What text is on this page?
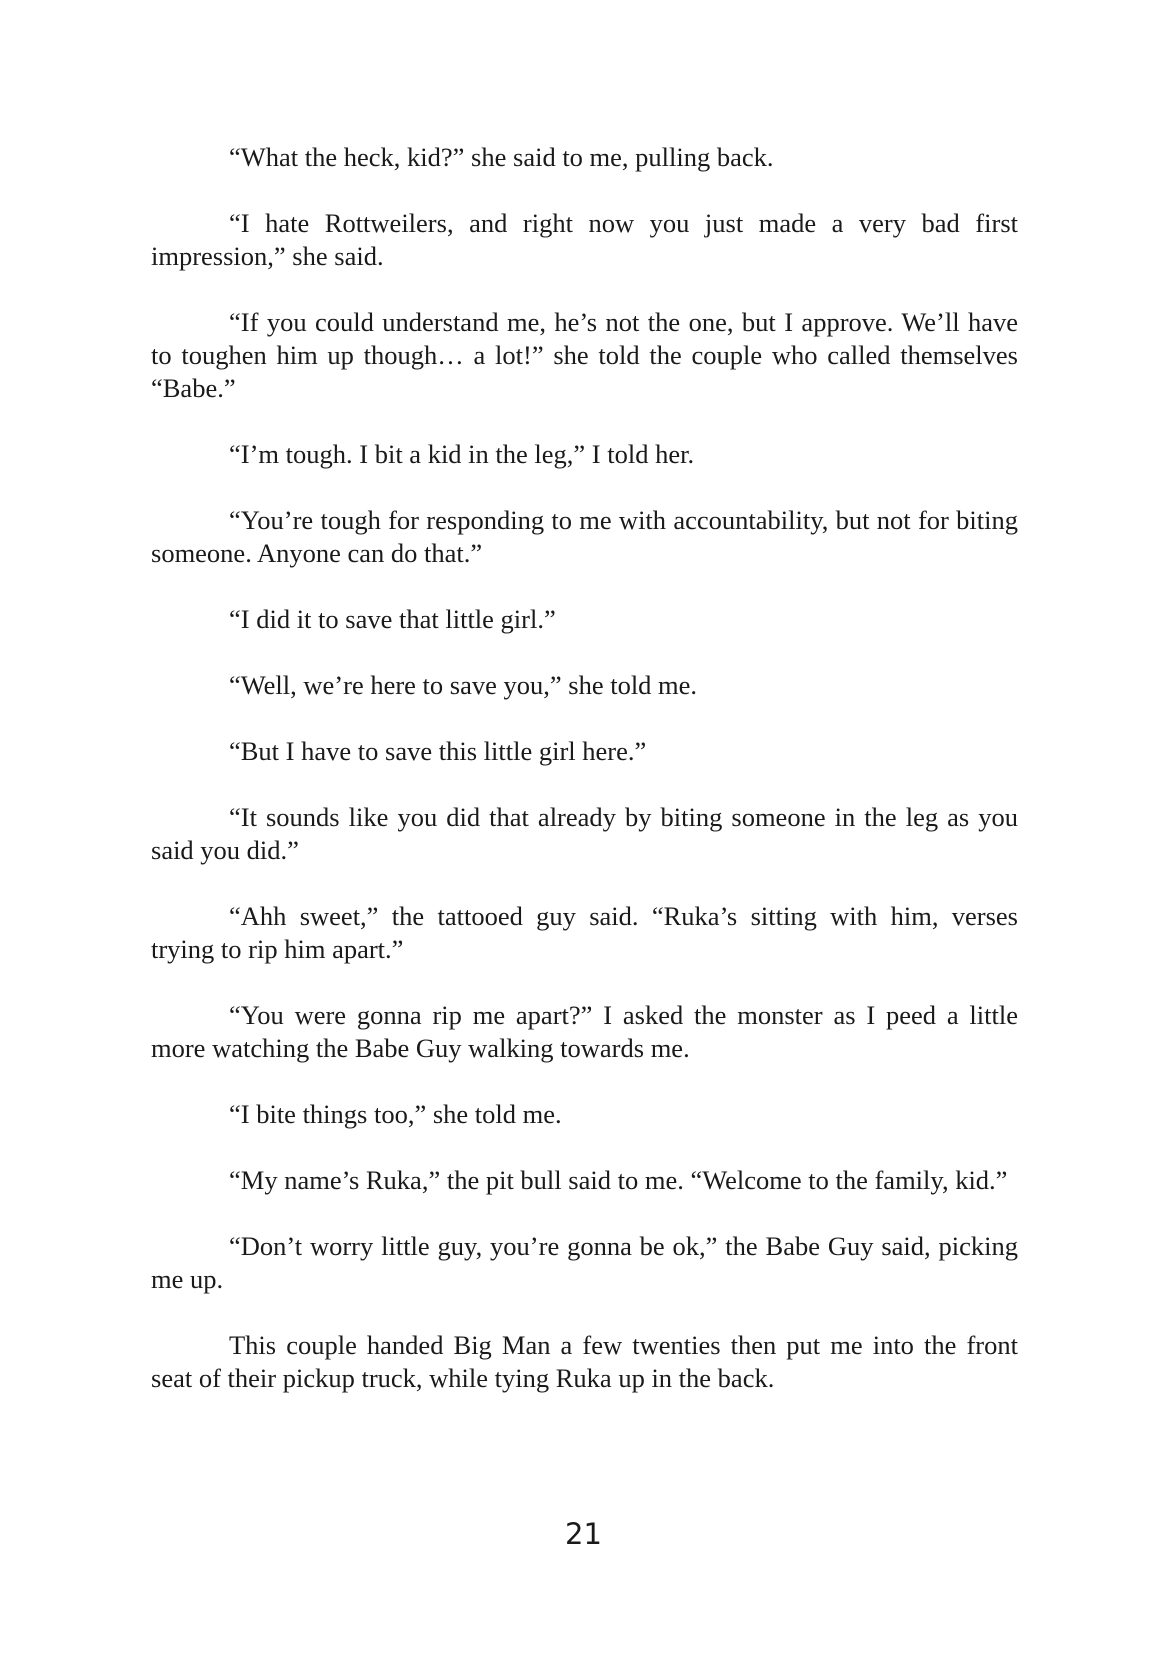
“What the heck, kid?” she said to me, pulling back.

“I hate Rottweilers, and right now you just made a very bad first impression,” she said.

“If you could understand me, he’s not the one, but I approve. We’ll have to toughen him up though… a lot!” she told the couple who called themselves “Babe.”

“I’m tough. I bit a kid in the leg,” I told her.

“You’re tough for responding to me with accountability, but not for biting someone. Anyone can do that.”

“I did it to save that little girl.”

“Well, we’re here to save you,” she told me.

“But I have to save this little girl here.”

“It sounds like you did that already by biting someone in the leg as you said you did.”

“Ahh sweet,” the tattooed guy said. “Ruka’s sitting with him, verses trying to rip him apart.”

“You were gonna rip me apart?” I asked the monster as I peed a little more watching the Babe Guy walking towards me.

“I bite things too,” she told me.

“My name’s Ruka,” the pit bull said to me. “Welcome to the family, kid.”

“Don’t worry little guy, you’re gonna be ok,” the Babe Guy said, picking me up.

This couple handed Big Man a few twenties then put me into the front seat of their pickup truck, while tying Ruka up in the back.

21
